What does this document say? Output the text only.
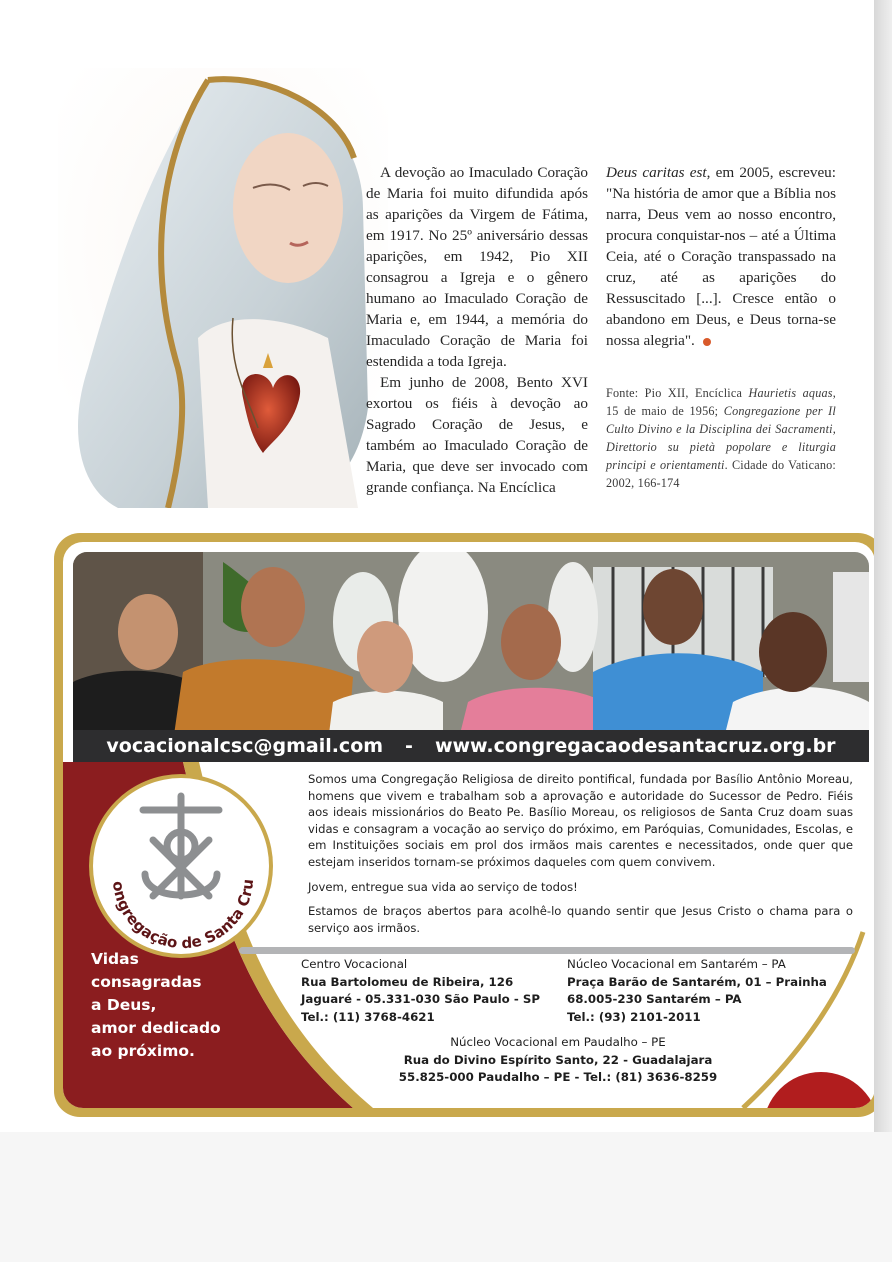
A devoção ao Imaculado Coração de Maria foi muito difundida após as aparições da Virgem de Fátima, em 1917. No 25º aniversário dessas aparições, em 1942, Pio XII consagrou a Igreja e o gênero humano ao Imaculado Coração de Maria e, em 1944, a memória do Imaculado Coração de Maria foi estendida a toda Igreja.

Em junho de 2008, Bento XVI exortou os fiéis à devoção ao Sagrado Coração de Jesus, e também ao Imaculado Coração de Maria, que deve ser invocado com grande confiança. Na Encíclica

Deus caritas est, em 2005, escreveu: "Na história de amor que a Bíblia nos narra, Deus vem ao nosso encontro, procura conquistar-nos – até a Última Ceia, até o Coração transpassado na cruz, até as aparições do Ressuscitado [...]. Cresce então o abandono em Deus, e Deus torna-se nossa alegria".

Fonte: Pio XII, Encíclica Haurietis aquas, 15 de maio de 1956; Congregazione per Il Culto Divino e la Disciplina dei Sacramenti, Direttorio su pietà popolare e liturgia principi e orientamenti. Cidade do Vaticano: 2002, 166-174
vocacionalcsc@gmail.com - www.congregacaodesantacruz.org.br
ongregação de Santa Cru
Vidas
consagradas
a Deus,
amor dedicado
ao próximo.

Somos uma Congregação Religiosa de direito pontifical, fundada por Basílio Antônio Moreau, homens que vivem e trabalham sob a aprovação e autoridade do Sucessor de Pedro. Fiéis aos ideais missionários do Beato Pe. Basílio Moreau, os religiosos de Santa Cruz doam suas vidas e consagram a vocação ao serviço do próximo, em Paróquias, Comunidades, Escolas, e em Instituições sociais em prol dos irmãos mais carentes e necessitados, onde quer que estejam inseridos tornam-se próximos daqueles com quem convivem.

Jovem, entregue sua vida ao serviço de todos!

Estamos de braços abertos para acolhê-lo quando sentir que Jesus Cristo o chama para o serviço aos irmãos.

Centro Vocacional
Rua Bartolomeu de Ribeira, 126
Jaguaré - 05.331-030 São Paulo - SP
Tel.: (11) 3768-4621
Núcleo Vocacional em Santarém – PA
Praça Barão de Santarém, 01 – Prainha
68.005-230 Santarém – PA
Tel.: (93) 2101-2011
Núcleo Vocacional em Paudalho – PE
Rua do Divino Espírito Santo, 22 - Guadalajara
55.825-000 Paudalho – PE - Tel.: (81) 3636-8259
